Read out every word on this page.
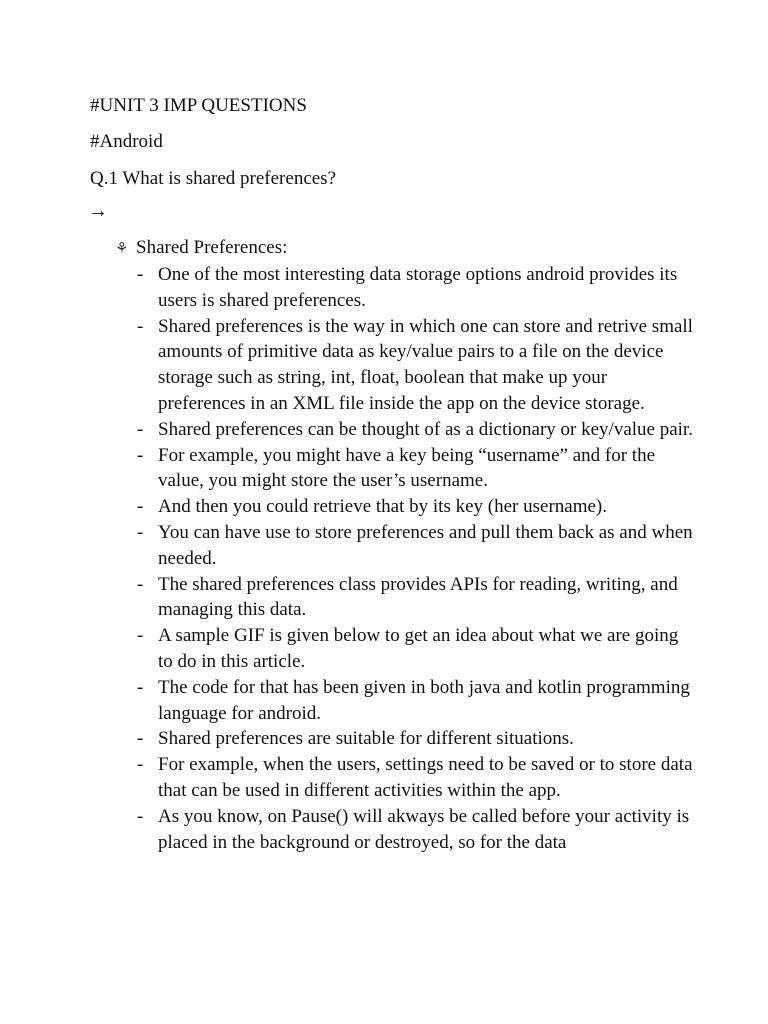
#UNIT 3 IMP QUESTIONS
#Android
Q.1 What is shared preferences?
→
⚘ Shared Preferences:
- One of the most interesting data storage options android provides its users is shared preferences.
- Shared preferences is the way in which one can store and retrive small amounts of primitive data as key/value pairs to a file on the device storage such as string, int, float, boolean that make up your preferences in an XML file inside the app on the device storage.
- Shared preferences can be thought of as a dictionary or key/value pair.
- For example, you might have a key being “username” and for the value, you might store the user’s username.
- And then you could retrieve that by its key (her username).
- You can have use to store preferences and pull them back as and when needed.
- The shared preferences class provides APIs for reading, writing, and managing this data.
- A sample GIF is given below to get an idea about what we are going to do in this article.
- The code for that has been given in both java and kotlin programming language for android.
- Shared preferences are suitable for different situations.
- For example, when the users, settings need to be saved or to store data that can be used in different activities within the app.
- As you know, on Pause() will akways be called before your activity is placed in the background or destroyed, so for the data
